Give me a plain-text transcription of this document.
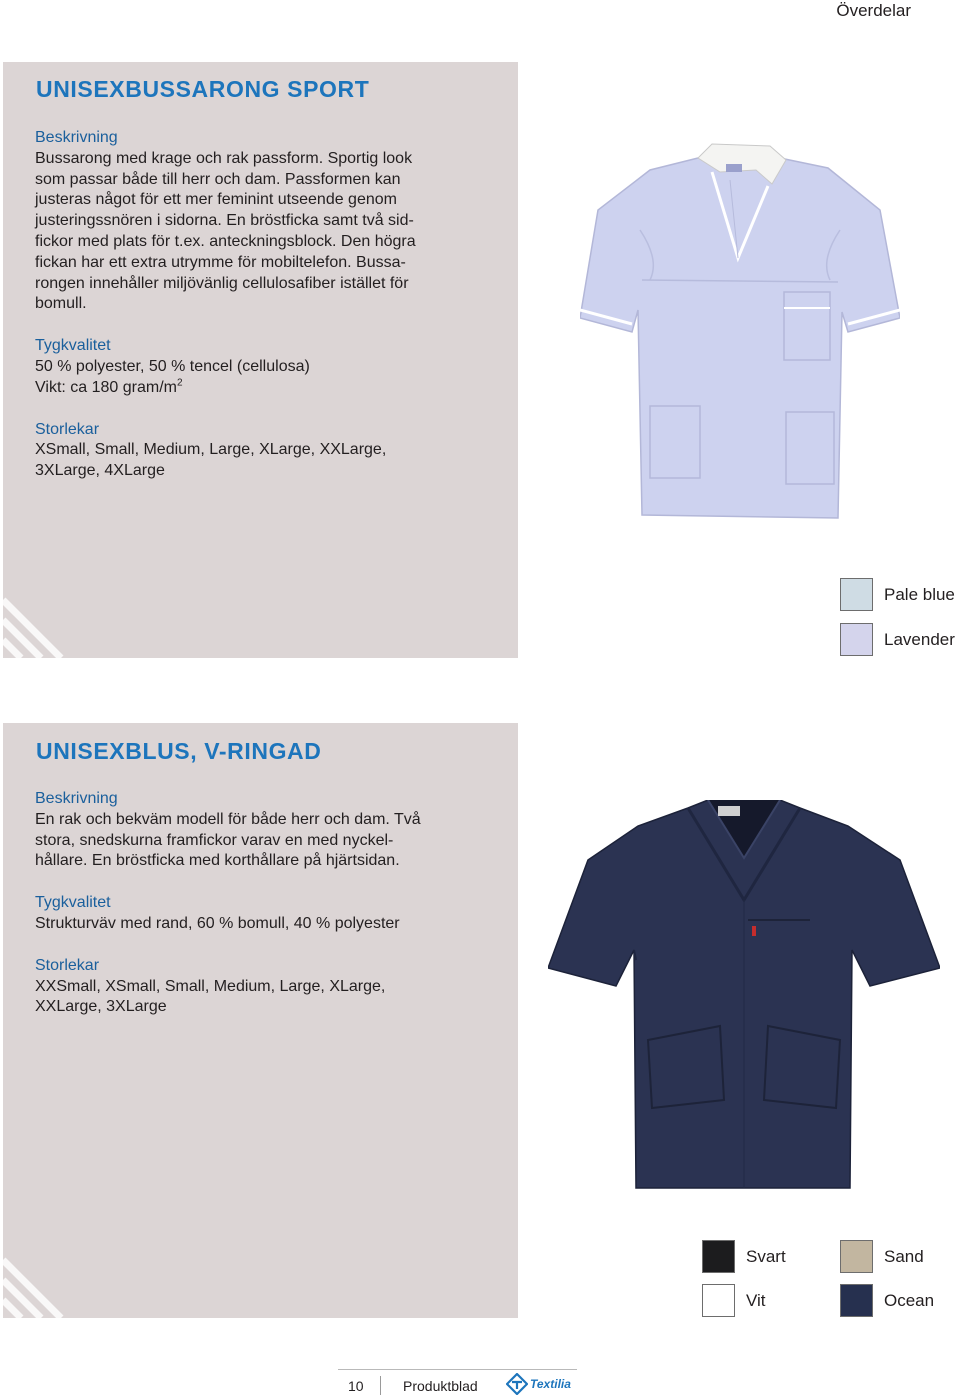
Överdelar
UNISEXBUSSARONG SPORT

Beskrivning

Bussarong med krage och rak passform. Sportig look
som passar både till herr och dam. Passformen kan
justeras något för ett mer feminint utseende genom
justeringssnören i sidorna. En bröstficka samt två sid-
fickor med plats för t.ex. anteckningsblock. Den högra
fickan har ett extra utrymme för mobiltelefon. Bussa-
rongen innehåller miljövänlig cellulosafiber istället för
bomull.

Tygkvalitet

50 % polyester, 50 % tencel (cellulosa)

Vikt: ca 180 gram/$m^2$

Storlekar

XSmall, Small, Medium, Large, XLarge, XXLarge,
3XLarge, 4XLarge

Pale blue
Lavender
UNISEXBLUS, V-RINGAD

Beskrivning

En rak och bekväm modell för både herr och dam. Två
stora, snedskurna framfickor varav en med nyckel-
hållare. En bröstficka med korthållare på hjärtsidan.

Tygkvalitet

Strukturväv med rand, 60 % bomull, 40 % polyester

Storlekar

XXSmall, XSmall, Small, Medium, Large, XLarge,
XXLarge, 3XLarge

Svart	Sand
Vit	Ocean
10	Produktblad	Textilia
